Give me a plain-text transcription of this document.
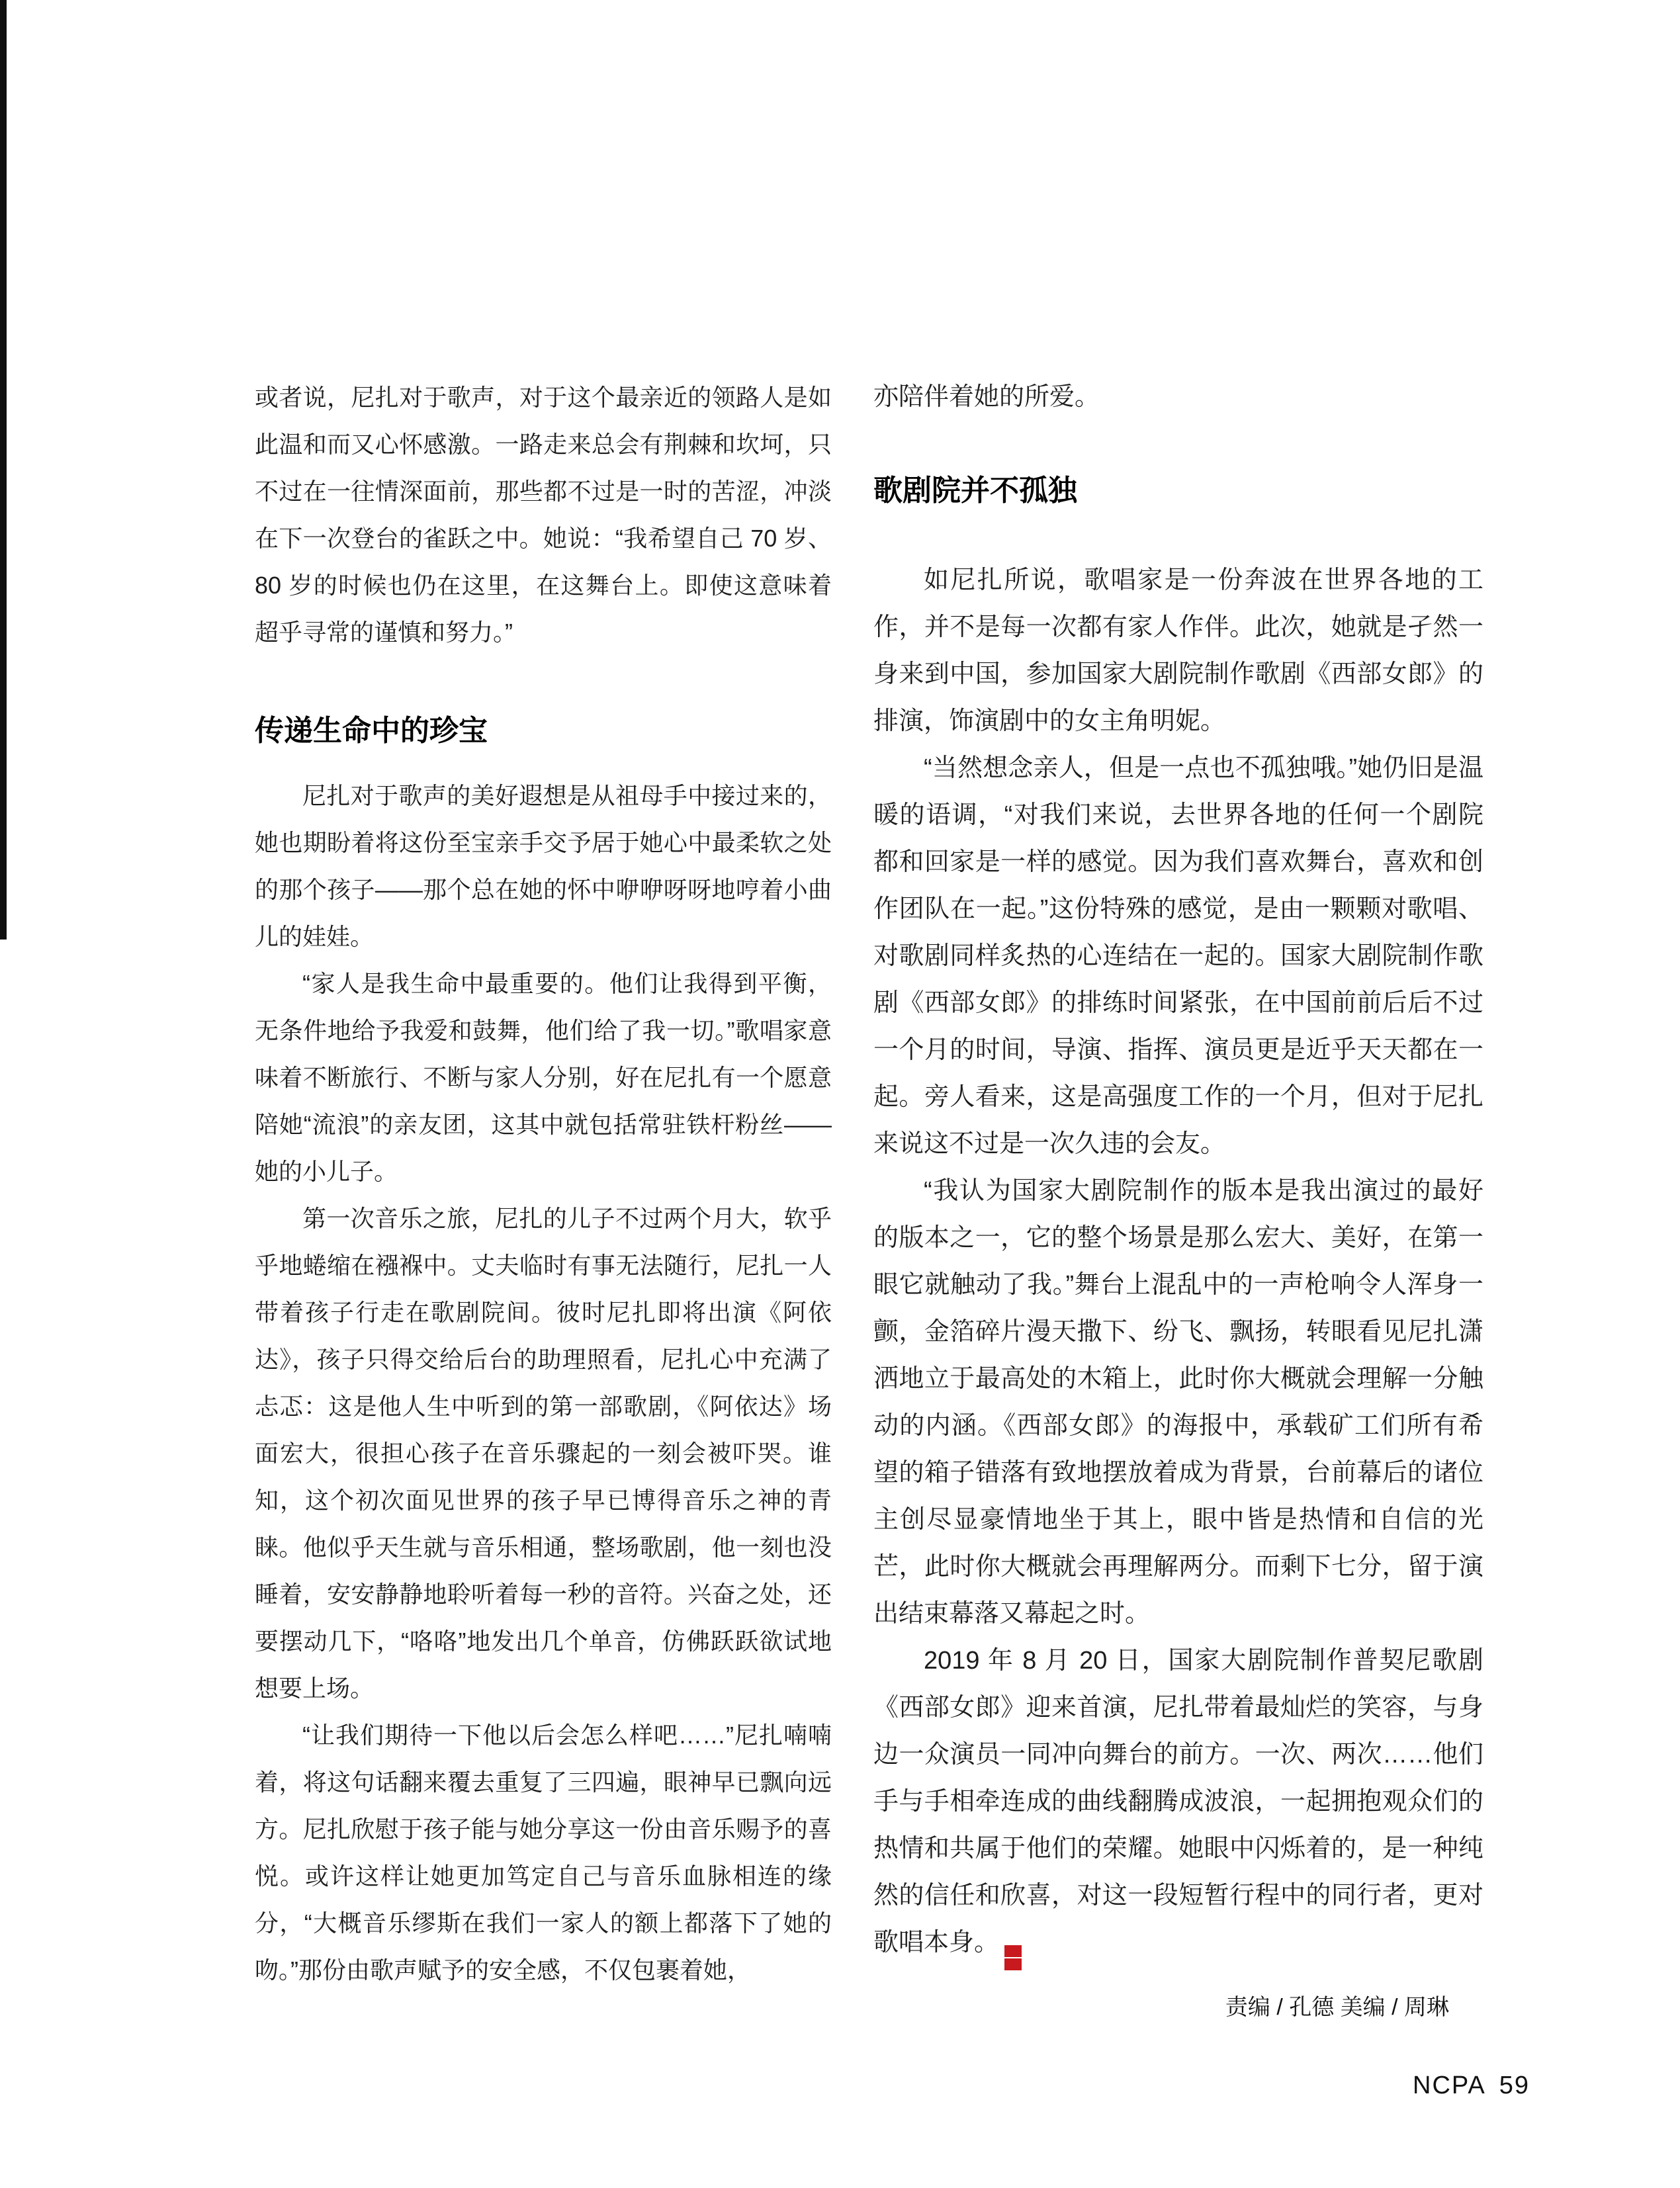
或者说，尼扎对于歌声，对于这个最亲近的领路人是如此温和而又心怀感激。一路走来总会有荆棘和坎坷，只不过在一往情深面前，那些都不过是一时的苦涩，冲淡在下一次登台的雀跃之中。她说：“我希望自己 70 岁、80 岁的时候也仍在这里，在这舞台上。即使这意味着超乎寻常的谨慎和努力。”

传递生命中的珍宝

尼扎对于歌声的美好遐想是从祖母手中接过来的，她也期盼着将这份至宝亲手交予居于她心中最柔软之处的那个孩子——那个总在她的怀中咿咿呀呀地哼着小曲儿的娃娃。

“家人是我生命中最重要的。他们让我得到平衡，无条件地给予我爱和鼓舞，他们给了我一切。”歌唱家意味着不断旅行、不断与家人分别，好在尼扎有一个愿意陪她“流浪”的亲友团，这其中就包括常驻铁杆粉丝——她的小儿子。

第一次音乐之旅，尼扎的儿子不过两个月大，软乎乎地蜷缩在襁褓中。丈夫临时有事无法随行，尼扎一人带着孩子行走在歌剧院间。彼时尼扎即将出演《阿依达》，孩子只得交给后台的助理照看，尼扎心中充满了忐忑：这是他人生中听到的第一部歌剧，《阿依达》场面宏大，很担心孩子在音乐骤起的一刻会被吓哭。谁知，这个初次面见世界的孩子早已博得音乐之神的青睐。他似乎天生就与音乐相通，整场歌剧，他一刻也没睡着，安安静静地聆听着每一秒的音符。兴奋之处，还要摆动几下，“咯咯”地发出几个单音，仿佛跃跃欲试地想要上场。

“让我们期待一下他以后会怎么样吧……”尼扎喃喃着，将这句话翻来覆去重复了三四遍，眼神早已飘向远方。尼扎欣慰于孩子能与她分享这一份由音乐赐予的喜悦。或许这样让她更加笃定自己与音乐血脉相连的缘分，“大概音乐缪斯在我们一家人的额上都落下了她的吻。”那份由歌声赋予的安全感，不仅包裹着她，

亦陪伴着她的所爱。

歌剧院并不孤独

如尼扎所说，歌唱家是一份奔波在世界各地的工作，并不是每一次都有家人作伴。此次，她就是孑然一身来到中国，参加国家大剧院制作歌剧《西部女郎》的排演，饰演剧中的女主角明妮。

“当然想念亲人，但是一点也不孤独哦。”她仍旧是温暖的语调，“对我们来说，去世界各地的任何一个剧院都和回家是一样的感觉。因为我们喜欢舞台，喜欢和创作团队在一起。”这份特殊的感觉，是由一颗颗对歌唱、对歌剧同样炙热的心连结在一起的。国家大剧院制作歌剧《西部女郎》的排练时间紧张，在中国前前后后不过一个月的时间，导演、指挥、演员更是近乎天天都在一起。旁人看来，这是高强度工作的一个月，但对于尼扎来说这不过是一次久违的会友。

“我认为国家大剧院制作的版本是我出演过的最好的版本之一，它的整个场景是那么宏大、美好，在第一眼它就触动了我。”舞台上混乱中的一声枪响令人浑身一颤，金箔碎片漫天撒下、纷飞、飘扬，转眼看见尼扎潇洒地立于最高处的木箱上，此时你大概就会理解一分触动的内涵。《西部女郎》的海报中，承载矿工们所有希望的箱子错落有致地摆放着成为背景，台前幕后的诸位主创尽显豪情地坐于其上，眼中皆是热情和自信的光芒，此时你大概就会再理解两分。而剩下七分，留于演出结束幕落又幕起之时。

2019 年 8 月 20 日，国家大剧院制作普契尼歌剧《西部女郎》迎来首演，尼扎带着最灿烂的笑容，与身边一众演员一同冲向舞台的前方。一次、两次……他们手与手相牵连成的曲线翻腾成波浪，一起拥抱观众们的热情和共属于他们的荣耀。她眼中闪烁着的，是一种纯然的信任和欣喜，对这一段短暂行程中的同行者，更对歌唱本身。
$\frac{NC}{PA}$

责编 / 孔德 美编 / 周琳
NCPA 59
